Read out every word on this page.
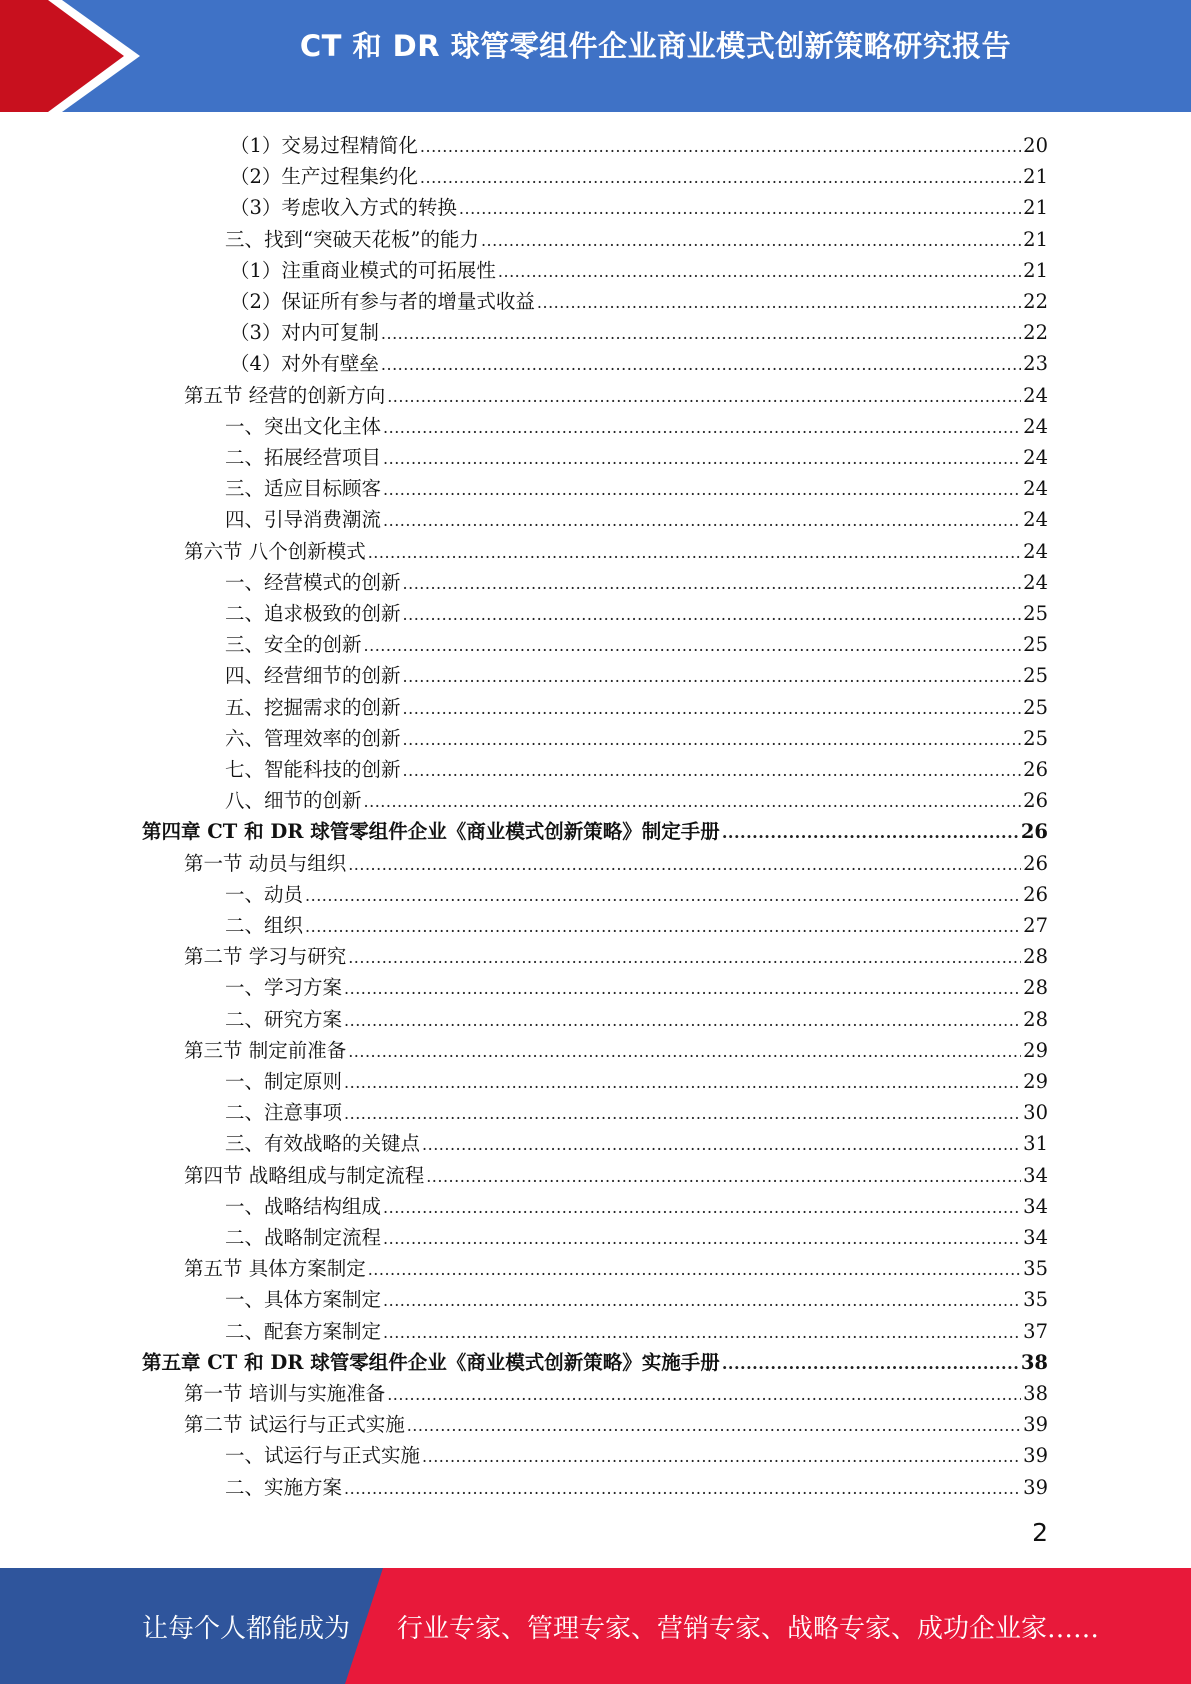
CT 和 DR 球管零组件企业商业模式创新策略研究报告
（1）交易过程精简化 .....	20
（2）生产过程集约化 .....	21
（3）考虑收入方式的转换 .....	21
三、找到“突破天花板”的能力 .....	21
（1）注重商业模式的可拓展性 .....	21
（2）保证所有参与者的增量式收益 .....	22
（3）对内可复制 .....	22
（4）对外有壁垒 .....	23
第五节 经营的创新方向 .....	24
一、突出文化主体 .....	24
二、拓展经营项目 .....	24
三、适应目标顾客 .....	24
四、引导消费潮流 .....	24
第六节 八个创新模式 .....	24
一、经营模式的创新 .....	24
二、追求极致的创新 .....	25
三、安全的创新 .....	25
四、经营细节的创新 .....	25
五、挖掘需求的创新 .....	25
六、管理效率的创新 .....	25
七、智能科技的创新 .....	26
八、细节的创新 .....	26
第四章 CT 和 DR 球管零组件企业《商业模式创新策略》制定手册 .....	26
第一节 动员与组织 .....	26
一、动员 .....	26
二、组织 .....	27
第二节 学习与研究 .....	28
一、学习方案 .....	28
二、研究方案 .....	28
第三节 制定前准备 .....	29
一、制定原则 .....	29
二、注意事项 .....	30
三、有效战略的关键点 .....	31
第四节 战略组成与制定流程 .....	34
一、战略结构组成 .....	34
二、战略制定流程 .....	34
第五节 具体方案制定 .....	35
一、具体方案制定 .....	35
二、配套方案制定 .....	37
第五章 CT 和 DR 球管零组件企业《商业模式创新策略》实施手册 .....	38
第一节 培训与实施准备 .....	38
第二节 试运行与正式实施 .....	39
一、试运行与正式实施 .....	39
二、实施方案 .....	39
2
让每个人都能成为 行业专家、管理专家、营销专家、战略专家、成功企业家……
